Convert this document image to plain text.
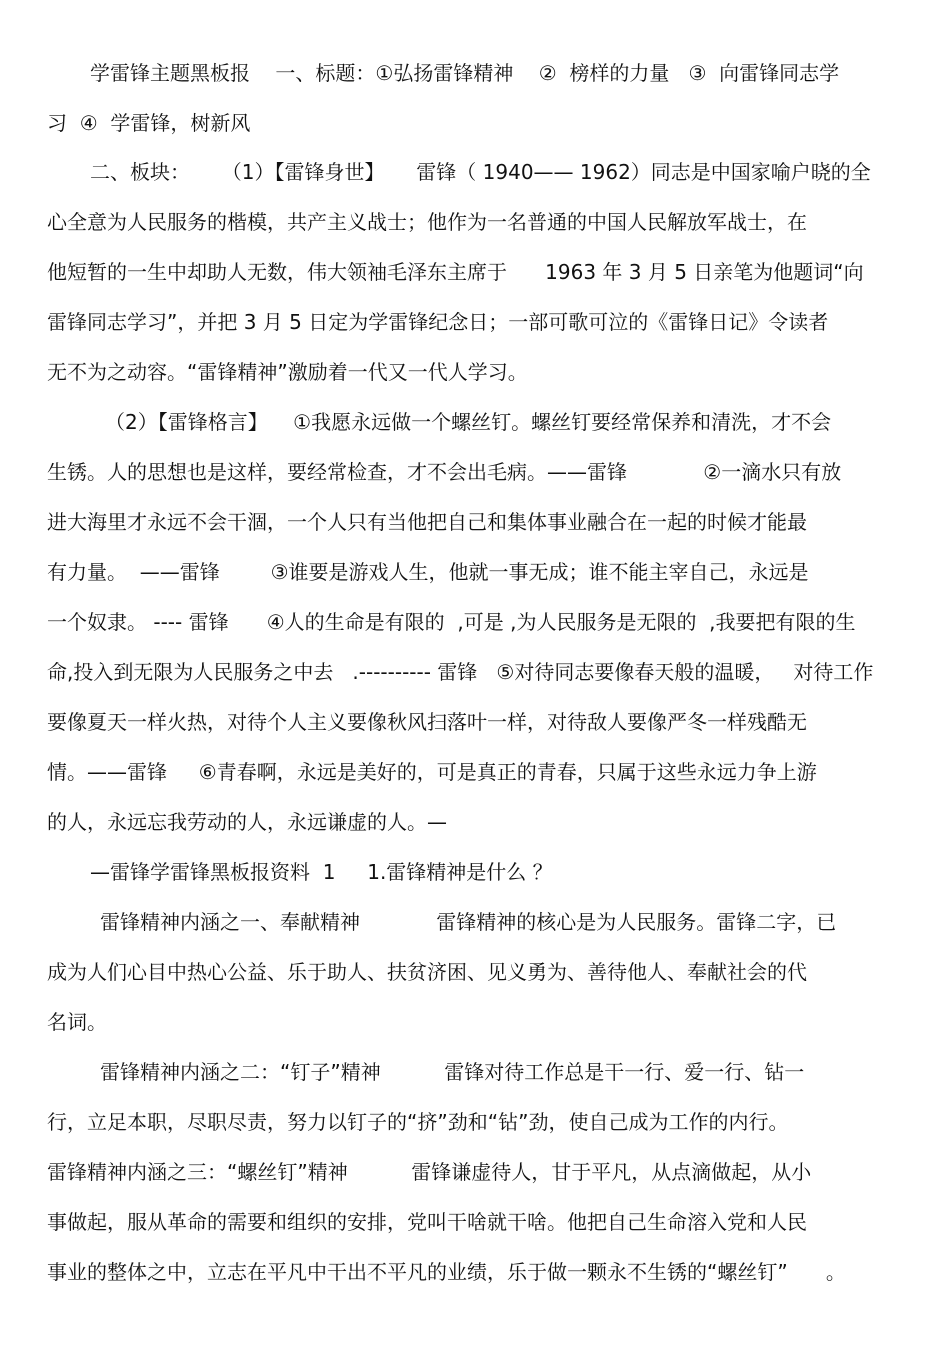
学雷锋主题黑板报    一、标题：①弘扬雷锋精神    ②  榜样的力量   ③  向雷锋同志学
习  ④  学雷锋，树新风
二、板块：     （1）【雷锋身世】     雷锋（ 1940—— 1962）同志是中国家喻户晓的全
心全意为人民服务的楷模，共产主义战士；他作为一名普通的中国人民解放军战士，在
他短暂的一生中却助人无数，伟大领袖毛泽东主席于      1963 年 3 月 5 日亲笔为他题词“向
雷锋同志学习”，并把 3 月 5 日定为学雷锋纪念日；一部可歌可泣的《雷锋日记》令读者
无不为之动容。“雷锋精神”激励着一代又一代人学习。
（2）【雷锋格言】    ①我愿永远做一个螺丝钉。螺丝钉要经常保养和清洗，才不会
生锈。人的思想也是这样，要经常检查，才不会出毛病。——雷锋            ②一滴水只有放
进大海里才永远不会干涸，一个人只有当他把自己和集体事业融合在一起的时候才能最
有力量。  ——雷锋        ③谁要是游戏人生，他就一事无成；谁不能主宰自己，永远是
一个奴隶。 ---- 雷锋      ④人的生命是有限的  ,可是 ,为人民服务是无限的  ,我要把有限的生
命,投入到无限为人民服务之中去   .---------- 雷锋   ⑤对待同志要像春天般的温暖，   对待工作
要像夏天一样火热，对待个人主义要像秋风扫落叶一样，对待敌人要像严冬一样残酷无
情。——雷锋     ⑥青春啊，永远是美好的，可是真正的青春，只属于这些永远力争上游
的人，永远忘我劳动的人，永远谦虚的人。—
—雷锋学雷锋黑板报资料  1     1.雷锋精神是什么 ？
雷锋精神内涵之一、奉献精神            雷锋精神的核心是为人民服务。雷锋二字，已
成为人们心目中热心公益、乐于助人、扶贫济困、见义勇为、善待他人、奉献社会的代
名词。
雷锋精神内涵之二：“钉子”精神          雷锋对待工作总是干一行、爱一行、钻一
行，立足本职，尽职尽责，努力以钉子的“挤”劲和“钻”劲，使自己成为工作的内行。
雷锋精神内涵之三：“螺丝钉”精神          雷锋谦虚待人，甘于平凡，从点滴做起，从小
事做起，服从革命的需要和组织的安排，党叫干啥就干啥。他把自己生命溶入党和人民
事业的整体之中，立志在平凡中干出不平凡的业绩，乐于做一颗永不生锈的“螺丝钉”      。
